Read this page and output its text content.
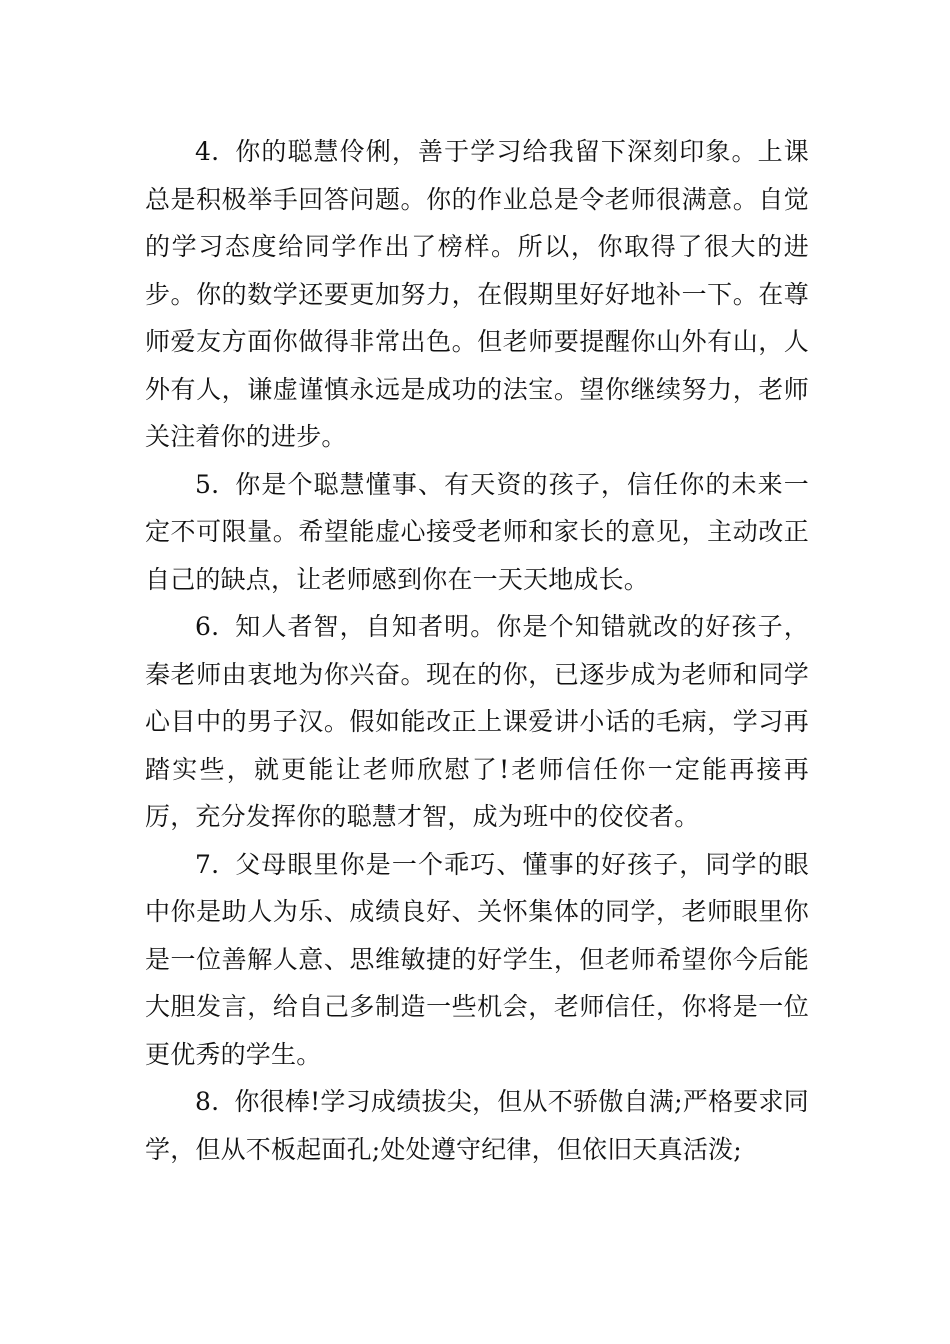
4. 你的聪慧伶俐，善于学习给我留下深刻印象。上课总是积极举手回答问题。你的作业总是令老师很满意。自觉的学习态度给同学作出了榜样。所以，你取得了很大的进步。你的数学还要更加努力，在假期里好好地补一下。在尊师爱友方面你做得非常出色。但老师要提醒你山外有山，人外有人，谦虚谨慎永远是成功的法宝。望你继续努力，老师关注着你的进步。

5. 你是个聪慧懂事、有天资的孩子，信任你的未来一定不可限量。希望能虚心接受老师和家长的意见，主动改正自己的缺点，让老师感到你在一天天地成长。

6. 知人者智，自知者明。你是个知错就改的好孩子，秦老师由衷地为你兴奋。现在的你，已逐步成为老师和同学心目中的男子汉。假如能改正上课爱讲小话的毛病，学习再踏实些，就更能让老师欣慰了!老师信任你一定能再接再厉，充分发挥你的聪慧才智，成为班中的佼佼者。

7. 父母眼里你是一个乖巧、懂事的好孩子，同学的眼中你是助人为乐、成绩良好、关怀集体的同学，老师眼里你是一位善解人意、思维敏捷的好学生，但老师希望你今后能大胆发言，给自己多制造一些机会，老师信任，你将是一位更优秀的学生。

8. 你很棒!学习成绩拔尖，但从不骄傲自满;严格要求同学，但从不板起面孔;处处遵守纪律，但依旧天真活泼;
